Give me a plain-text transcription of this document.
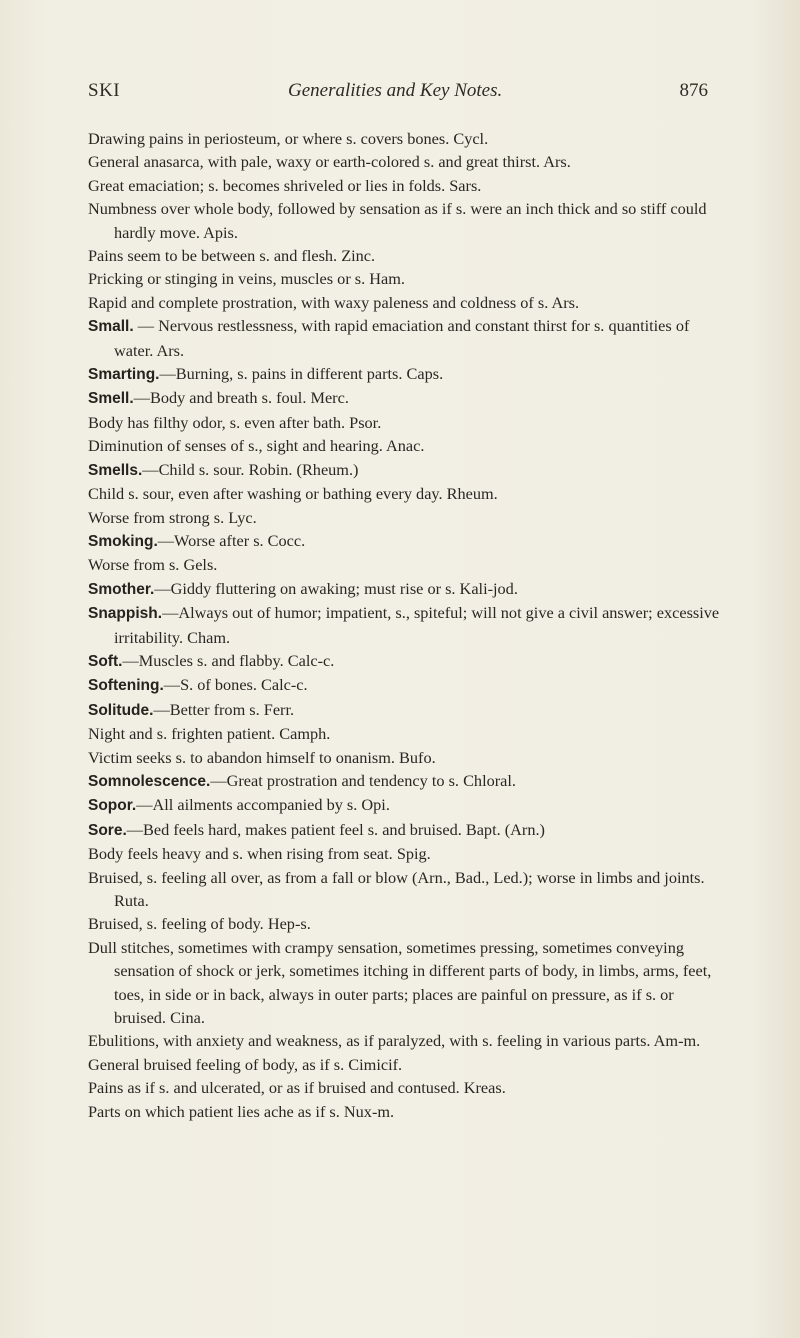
SKI	Generalities and Key Notes.	876

Drawing pains in periosteum, or where s. covers bones. Cycl.

General anasarca, with pale, waxy or earth-colored s. and great thirst. Ars.

Great emaciation; s. becomes shriveled or lies in folds. Sars.

Numbness over whole body, followed by sensation as if s. were an inch thick and so stiff could hardly move. Apis.

Pains seem to be between s. and flesh. Zinc.

Pricking or stinging in veins, muscles or s. Ham.

Rapid and complete prostration, with waxy paleness and coldness of s. Ars.

Small. — Nervous restlessness, with rapid emaciation and constant thirst for s. quantities of water. Ars.

Smarting.—Burning, s. pains in different parts. Caps.

Smell.—Body and breath s. foul. Merc.

Body has filthy odor, s. even after bath. Psor.

Diminution of senses of s., sight and hearing. Anac.

Smells.—Child s. sour. Robin. (Rheum.)

Child s. sour, even after washing or bathing every day. Rheum.

Worse from strong s. Lyc.

Smoking.—Worse after s. Cocc.

Worse from s. Gels.

Smother.—Giddy fluttering on awaking; must rise or s. Kali-jod.

Snappish.—Always out of humor; impatient, s., spiteful; will not give a civil answer; excessive irritability. Cham.

Soft.—Muscles s. and flabby. Calc-c.

Softening.—S. of bones. Calc-c.

Solitude.—Better from s. Ferr.

Night and s. frighten patient. Camph.

Victim seeks s. to abandon himself to onanism. Bufo.

Somnolescence.—Great prostration and tendency to s. Chloral.

Sopor.—All ailments accompanied by s. Opi.

Sore.—Bed feels hard, makes patient feel s. and bruised. Bapt. (Arn.)

Body feels heavy and s. when rising from seat. Spig.

Bruised, s. feeling all over, as from a fall or blow (Arn., Bad., Led.); worse in limbs and joints. Ruta.

Bruised, s. feeling of body. Hep-s.

Dull stitches, sometimes with crampy sensation, sometimes pressing, sometimes conveying sensation of shock or jerk, sometimes itching in different parts of body, in limbs, arms, feet, toes, in side or in back, always in outer parts; places are painful on pressure, as if s. or bruised. Cina.

Ebulitions, with anxiety and weakness, as if paralyzed, with s. feeling in various parts. Am-m.

General bruised feeling of body, as if s. Cimicif.

Pains as if s. and ulcerated, or as if bruised and contused. Kreas.

Parts on which patient lies ache as if s. Nux-m.
